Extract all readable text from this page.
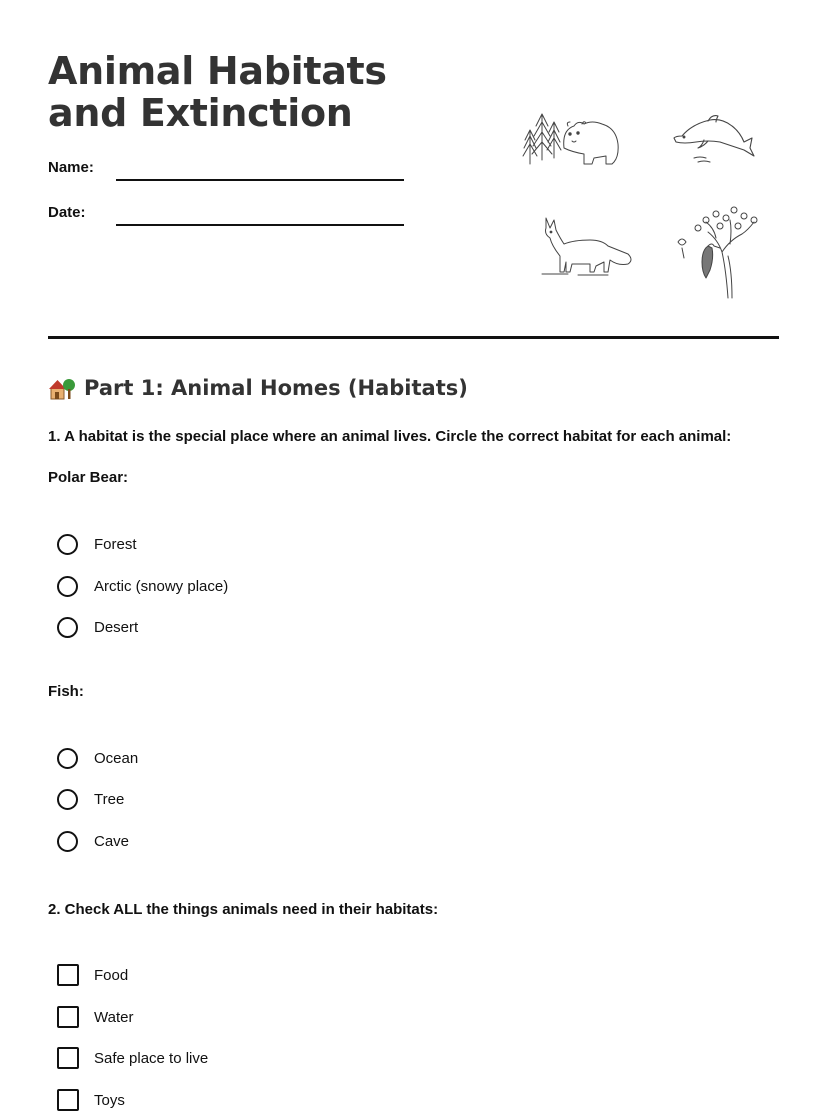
Animal Habitats and Extinction
Name:
Date:
Part 1: Animal Homes (Habitats)
1. A habitat is the special place where an animal lives. Circle the correct habitat for each animal:
Polar Bear:
Forest
Arctic (snowy place)
Desert
Fish:
Ocean
Tree
Cave
2. Check ALL the things animals need in their habitats:
Food
Water
Safe place to live
Toys
